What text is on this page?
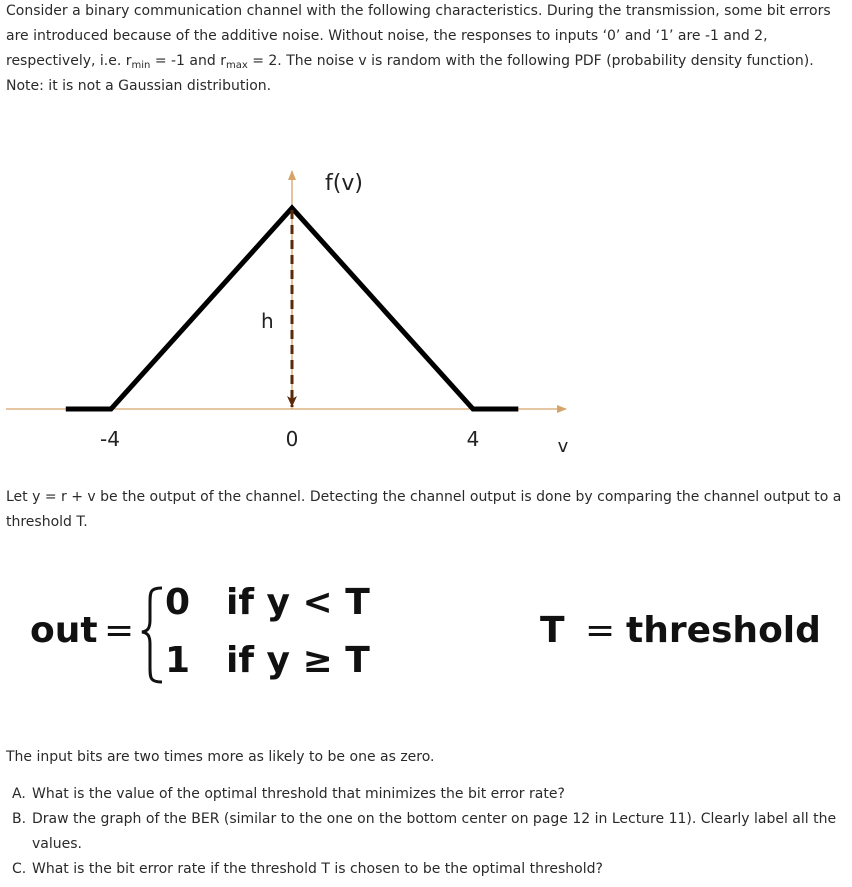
Consider a binary communication channel with the following characteristics. During the transmission, some bit errors are introduced because of the additive noise. Without noise, the responses to inputs ‘0’ and ‘1’ are -1 and 2, respectively, i.e. $r_{min} = -1$ and $r_{max} = 2$. The noise v is random with the following PDF (probability density function). Note: it is not a Gaussian distribution.

f(v)
h
-4	0	4	v

Let y = r + v be the output of the channel. Detecting the channel output is done by comparing the channel output to a threshold T.

out =
0 if y < T
1 if y ≥ T
T = threshold

The input bits are two times more as likely to be one as zero.

A. What is the value of the optimal threshold that minimizes the bit error rate?
B. Draw the graph of the BER (similar to the one on the bottom center on page 12 in Lecture 11). Clearly label all the values.
C. What is the bit error rate if the threshold T is chosen to be the optimal threshold?
